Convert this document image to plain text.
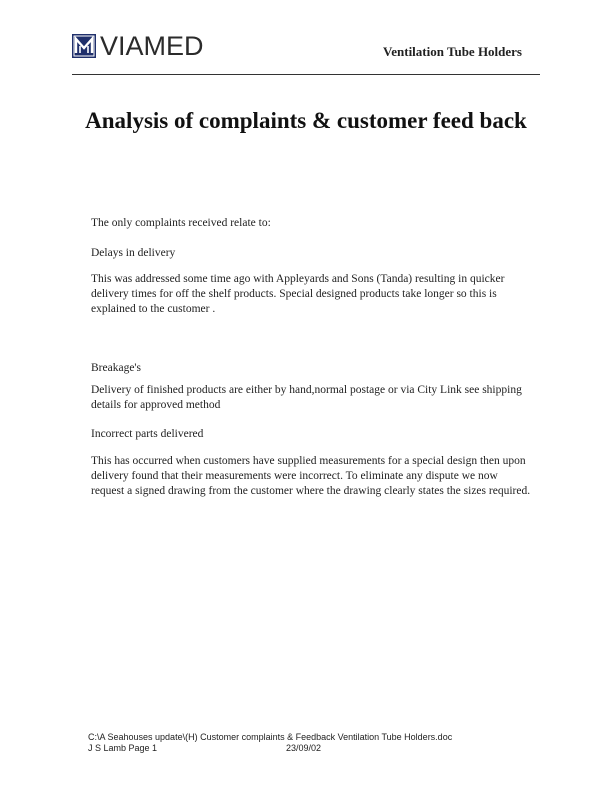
VIAMED	Ventilation Tube Holders
Analysis of complaints & customer feed back

The only complaints received relate to:

Delays in delivery

This was addressed some time ago with Appleyards and Sons (Tanda) resulting in quicker delivery times for off the shelf products. Special designed products take longer so this is explained to the customer .

Breakage's

Delivery of finished products are either by hand,normal postage or via City Link see shipping details for approved method

Incorrect parts delivered

This has occurred when customers have supplied measurements for a special design then upon delivery found that their measurements were incorrect. To eliminate any dispute we now request a signed drawing from the customer where the drawing clearly states the sizes required.

C:\A Seahouses update\(H) Customer complaints & Feedback Ventilation Tube Holders.doc
J S Lamb Page 1	23/09/02
